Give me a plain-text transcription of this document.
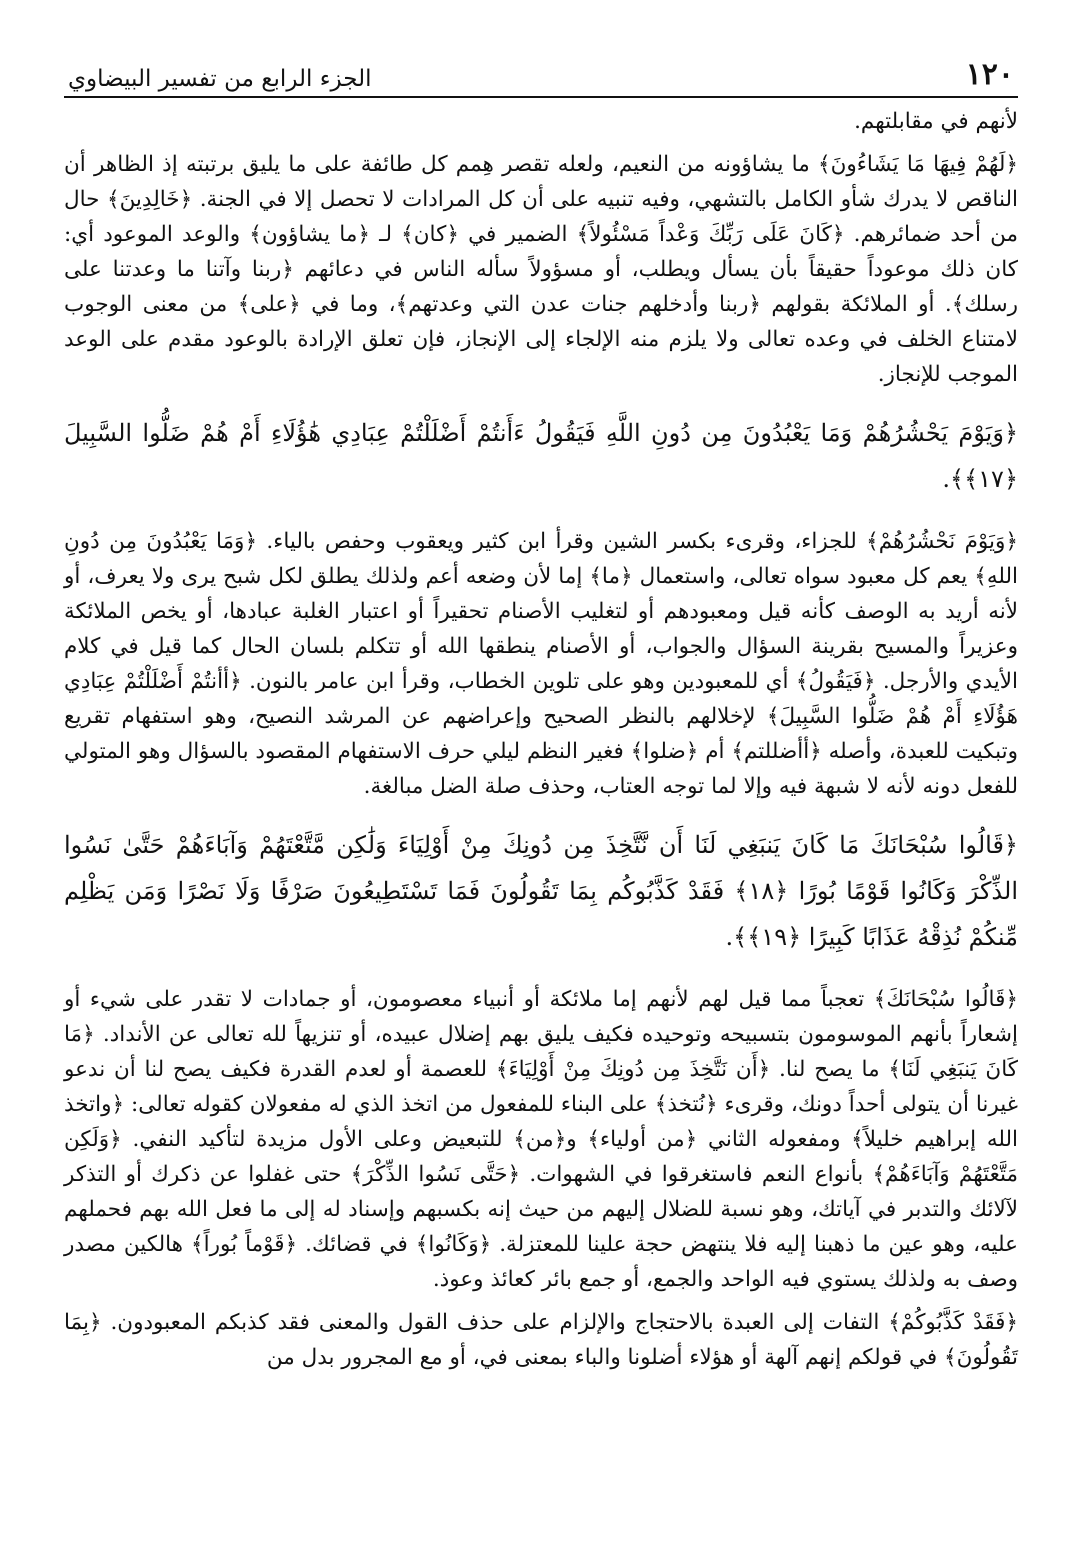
١٢٠
الجزء الرابع من تفسير البيضاوي

لأنهم في مقابلتهم.

﴿لَهُمْ فِيهَا مَا يَشَاءُونَ﴾ ما يشاؤونه من النعيم، ولعله تقصر هِمم كل طائفة على ما يليق برتبته إذ الظاهر أن الناقص لا يدرك شأو الكامل بالتشهي، وفيه تنبيه على أن كل المرادات لا تحصل إلا في الجنة. ﴿خَالِدِينَ﴾ حال من أحد ضمائرهم. ﴿كَانَ عَلَى رَبِّكَ وَعْداً مَسْئُولاً﴾ الضمير في ﴿كان﴾ لـ ﴿ما يشاؤون﴾ والوعد الموعود أي: كان ذلك موعوداً حقيقاً بأن يسأل ويطلب، أو مسؤولاً سأله الناس في دعائهم ﴿ربنا وآتنا ما وعدتنا على رسلك﴾. أو الملائكة بقولهم ﴿ربنا وأدخلهم جنات عدن التي وعدتهم﴾، وما في ﴿على﴾ من معنى الوجوب لامتناع الخلف في وعده تعالى ولا يلزم منه الإلجاء إلى الإنجاز، فإن تعلق الإرادة بالوعود مقدم على الوعد الموجب للإنجاز.

﴿وَيَوْمَ يَحْشُرُهُمْ وَمَا يَعْبُدُونَ مِن دُونِ اللَّهِ فَيَقُولُ ءَأَنتُمْ أَضْلَلْتُمْ عِبَادِي هَٰؤُلَاءِ أَمْ هُمْ ضَلُّوا السَّبِيلَ ﴿١٧﴾﴾.

﴿وَيَوْمَ نَحْشُرُهُمْ﴾ للجزاء، وقرىء بكسر الشين وقرأ ابن كثير ويعقوب وحفص بالياء. ﴿وَمَا يَعْبُدُونَ مِن دُونِ اللهِ﴾ يعم كل معبود سواه تعالى، واستعمال ﴿ما﴾ إما لأن وضعه أعم ولذلك يطلق لكل شبح يرى ولا يعرف، أو لأنه أريد به الوصف كأنه قيل ومعبودهم أو لتغليب الأصنام تحقيراً أو اعتبار الغلبة عبادها، أو يخص الملائكة وعزيراً والمسيح بقرينة السؤال والجواب، أو الأصنام ينطقها الله أو تتكلم بلسان الحال كما قيل في كلام الأيدي والأرجل. ﴿فَيَقُولُ﴾ أي للمعبودين وهو على تلوين الخطاب، وقرأ ابن عامر بالنون. ﴿أأنتُمْ أَضْلَلْتُمْ عِبَادِي هَؤُلَاءِ أَمْ هُمْ ضَلُّوا السَّبِيلَ﴾ لإخلالهم بالنظر الصحيح وإعراضهم عن المرشد النصيح، وهو استفهام تقريع وتبكيت للعبدة، وأصله ﴿أأضللتم﴾ أم ﴿ضلوا﴾ فغير النظم ليلي حرف الاستفهام المقصود بالسؤال وهو المتولي للفعل دونه لأنه لا شبهة فيه وإلا لما توجه العتاب، وحذف صلة الضل مبالغة.

﴿قَالُوا سُبْحَانَكَ مَا كَانَ يَنبَغِي لَنَا أَن نَّتَّخِذَ مِن دُونِكَ مِنْ أَوْلِيَاءَ وَلَٰكِن مَّتَّعْتَهُمْ وَآبَاءَهُمْ حَتَّىٰ نَسُوا الذِّكْرَ وَكَانُوا قَوْمًا بُورًا ﴿١٨﴾ فَقَدْ كَذَّبُوكُم بِمَا تَقُولُونَ فَمَا تَسْتَطِيعُونَ صَرْفًا وَلَا نَصْرًا وَمَن يَظْلِم مِّنكُمْ نُذِقْهُ عَذَابًا كَبِيرًا ﴿١٩﴾﴾.

﴿قَالُوا سُبْحَانَكَ﴾ تعجباً مما قيل لهم لأنهم إما ملائكة أو أنبياء معصومون، أو جمادات لا تقدر على شيء أو إشعاراً بأنهم الموسومون بتسبيحه وتوحيده فكيف يليق بهم إضلال عبيده، أو تنزيهاً لله تعالى عن الأنداد. ﴿مَا كَانَ يَنبَغِي لَنَا﴾ ما يصح لنا. ﴿أَن نَتَّخِذَ مِن دُونِكَ مِنْ أَوْلِيَاءَ﴾ للعصمة أو لعدم القدرة فكيف يصح لنا أن ندعو غيرنا أن يتولى أحداً دونك، وقرىء ﴿نُتخذ﴾ على البناء للمفعول من اتخذ الذي له مفعولان كقوله تعالى: ﴿واتخذ الله إبراهيم خليلاً﴾ ومفعوله الثاني ﴿من أولياء﴾ و﴿من﴾ للتبعيض وعلى الأول مزيدة لتأكيد النفي. ﴿وَلَكِن مَتَّعْتَهُمْ وَآبَاءَهُمْ﴾ بأنواع النعم فاستغرقوا في الشهوات. ﴿حَتَّى نَسُوا الذِّكْرَ﴾ حتى غفلوا عن ذكرك أو التذكر لآلائك والتدبر في آياتك، وهو نسبة للضلال إليهم من حيث إنه بكسبهم وإسناد له إلى ما فعل الله بهم فحملهم عليه، وهو عين ما ذهبنا إليه فلا ينتهض حجة علينا للمعتزلة. ﴿وَكَانُوا﴾ في قضائك. ﴿قَوْماً بُوراً﴾ هالكين مصدر وصف به ولذلك يستوي فيه الواحد والجمع، أو جمع بائر كعائذ وعوذ.

﴿فَقَدْ كَذَّبُوكُمْ﴾ التفات إلى العبدة بالاحتجاج والإلزام على حذف القول والمعنى فقد كذبكم المعبودون. ﴿بِمَا تَقُولُونَ﴾ في قولكم إنهم آلهة أو هؤلاء أضلونا والباء بمعنى في، أو مع المجرور بدل من
